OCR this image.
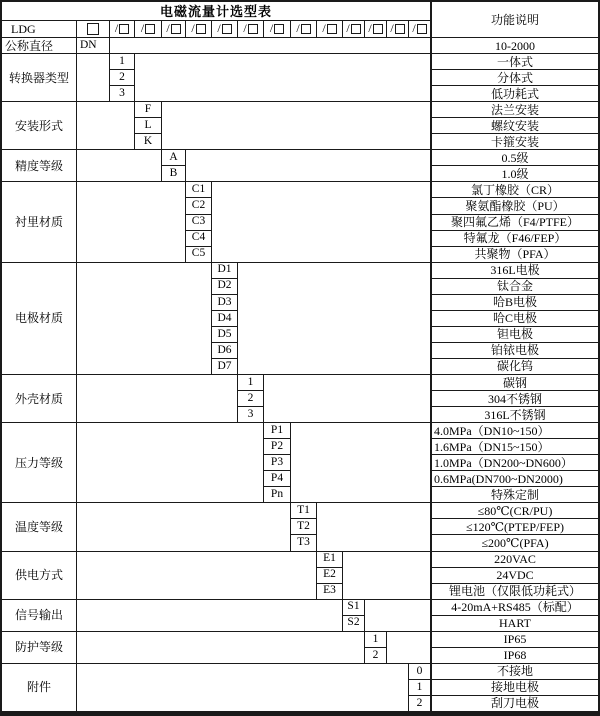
电磁流量计选型表
功能说明
LDG	/ / / / / / / / / / / / /
公称直径	DN	10-2000
转换器类型
1	一体式
2	分体式
3	低功耗式
安装形式
F	法兰安装
L	螺纹安装
K	卡箍安装
精度等级
A	0.5级
B	1.0级
衬里材质
C1	氯丁橡胶（CR）
C2	聚氨酯橡胶（PU）
C3	聚四氟乙烯（F4/PTFE）
C4	特氟龙（F46/FEP）
C5	共聚物（PFA）
电极材质
D1	316L电极
D2	钛合金
D3	哈B电极
D4	哈C电极
D5	钽电极
D6	铂铱电极
D7	碳化钨
外壳材质
1	碳钢
2	304不锈钢
3	316L不锈钢
压力等级
P1	4.0MPa（DN10~150）
P2	1.6MPa（DN15~150）
P3	1.0MPa（DN200~DN600）
P4	0.6MPa(DN700~DN2000)
Pn	特殊定制
温度等级
T1	≤80℃(CR/PU)
T2	≤120℃(PTEP/FEP)
T3	≤200℃(PFA)
供电方式
E1	220VAC
E2	24VDC
E3	锂电池（仅限低功耗式）
信号输出
S1	4-20mA+RS485（标配）
S2	HART
防护等级
1	IP65
2	IP68
附件
0	不接地
1	接地电极
2	刮刀电极
